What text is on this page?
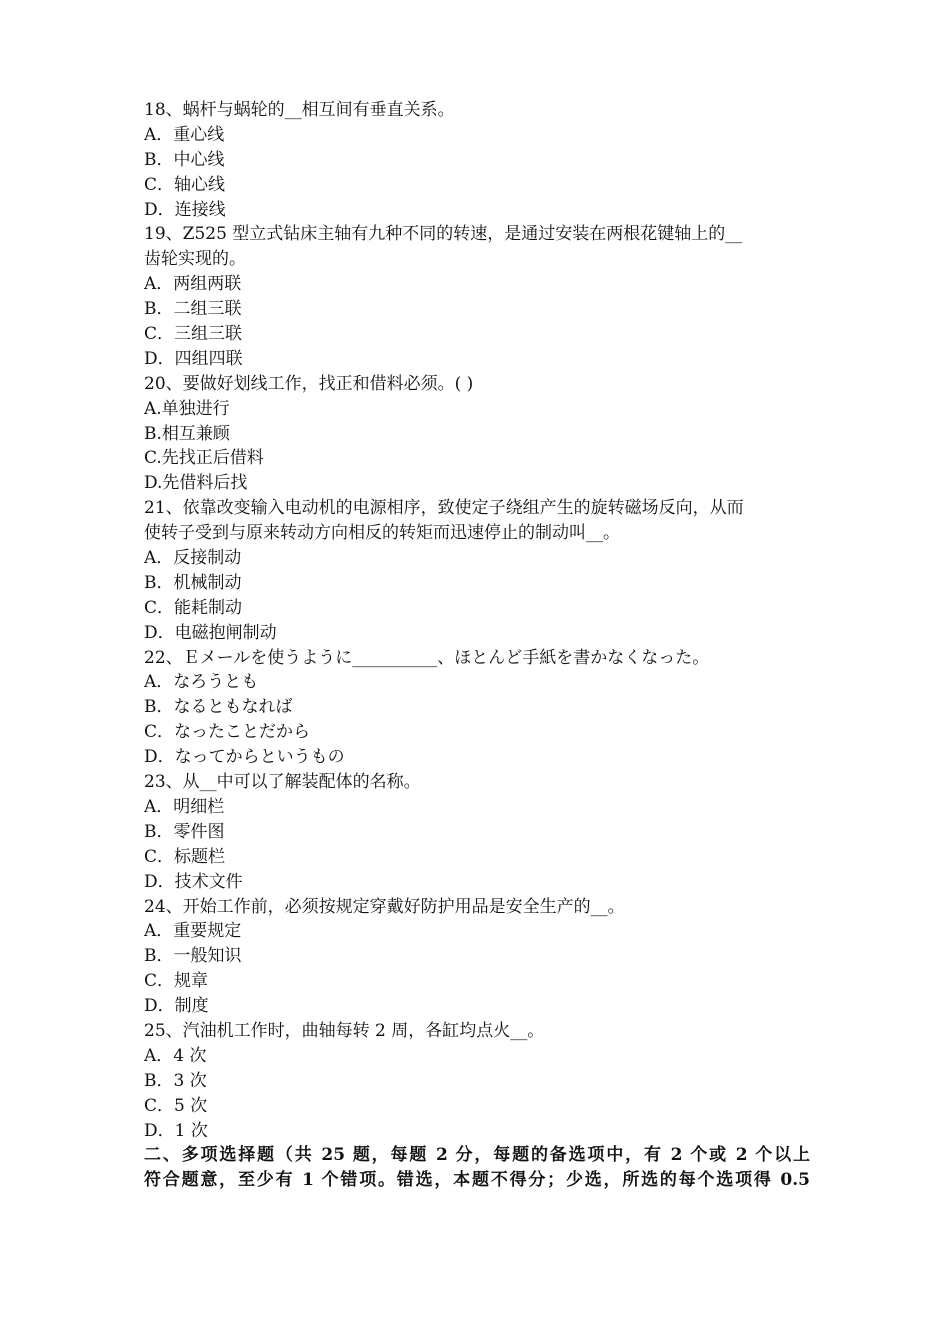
18、蜗杆与蜗轮的__相互间有垂直关系。
A．重心线
B．中心线
C．轴心线
D．连接线
19、Z525 型立式钻床主轴有九种不同的转速，是通过安装在两根花键轴上的__
齿轮实现的。
A．两组两联
B．二组三联
C．三组三联
D．四组四联
20、要做好划线工作，找正和借料必须。( )
A.单独进行
B.相互兼顾
C.先找正后借料
D.先借料后找
21、依靠改变输入电动机的电源相序，致使定子绕组产生的旋转磁场反向，从而
使转子受到与原来转动方向相反的转矩而迅速停止的制动叫__。
A．反接制动
B．机械制动
C．能耗制动
D．电磁抱闸制动
22、Ｅメールを使うように__________、ほとんど手紙を書かなくなった。
A．なろうとも
B．なるともなれば
C．なったことだから
D．なってからというもの
23、从__中可以了解装配体的名称。
A．明细栏
B．零件图
C．标题栏
D．技术文件
24、开始工作前，必须按规定穿戴好防护用品是安全生产的__。
A．重要规定
B．一般知识
C．规章
D．制度
25、汽油机工作时，曲轴每转 2 周，各缸均点火__。
A．4 次
B．3 次
C．5 次
D．1 次
二、多项选择题（共 25 题，每题 2 分，每题的备选项中，有 2 个或 2 个以上
符合题意，至少有 1 个错项。错选，本题不得分；少选，所选的每个选项得 0.5
